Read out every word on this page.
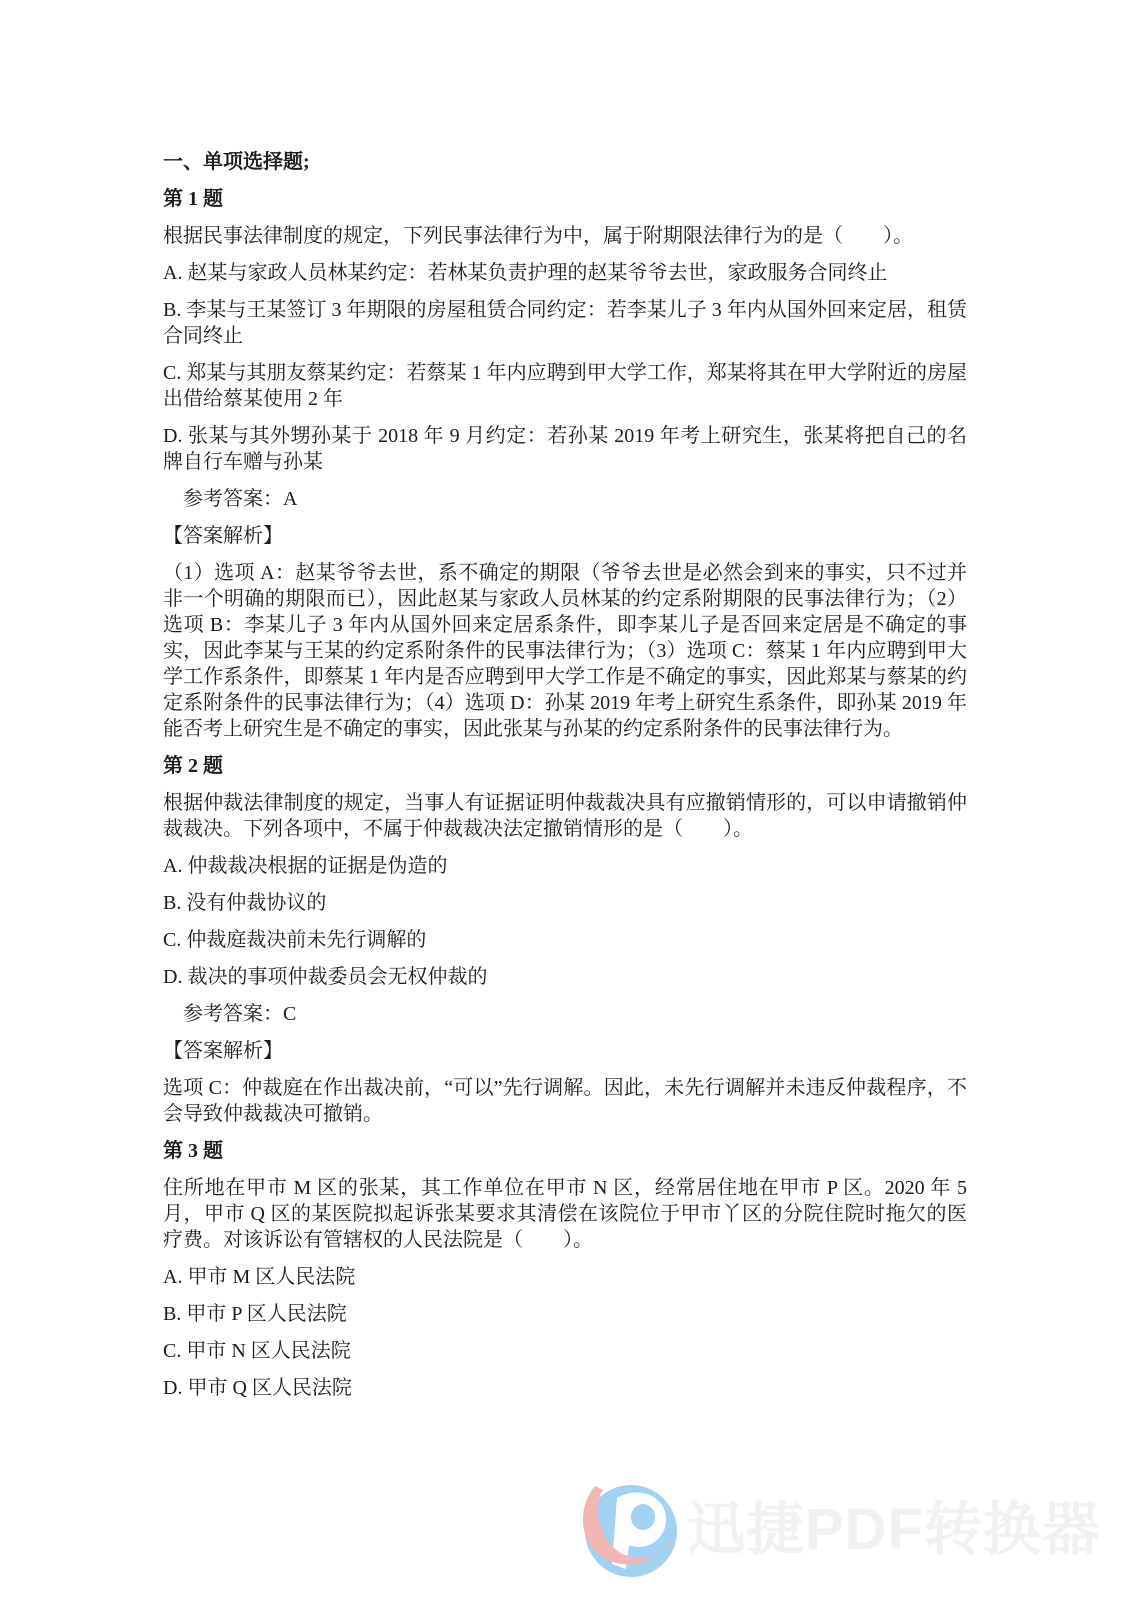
一、单项选择题;

第 1 题

根据民事法律制度的规定，下列民事法律行为中，属于附期限法律行为的是（　　）。

A. 赵某与家政人员林某约定：若林某负责护理的赵某爷爷去世，家政服务合同终止

B. 李某与王某签订 3 年期限的房屋租赁合同约定：若李某儿子 3 年内从国外回来定居，租赁合同终止

C. 郑某与其朋友蔡某约定：若蔡某 1 年内应聘到甲大学工作，郑某将其在甲大学附近的房屋出借给蔡某使用 2 年

D. 张某与其外甥孙某于 2018 年 9 月约定：若孙某 2019 年考上研究生，张某将把自己的名牌自行车赠与孙某

参考答案：A

【答案解析】

（1）选项 A：赵某爷爷去世，系不确定的期限（爷爷去世是必然会到来的事实，只不过并非一个明确的期限而已），因此赵某与家政人员林某的约定系附期限的民事法律行为；（2）选项 B：李某儿子 3 年内从国外回来定居系条件，即李某儿子是否回来定居是不确定的事实，因此李某与王某的约定系附条件的民事法律行为；（3）选项 C：蔡某 1 年内应聘到甲大学工作系条件，即蔡某 1 年内是否应聘到甲大学工作是不确定的事实，因此郑某与蔡某的约定系附条件的民事法律行为；（4）选项 D：孙某 2019 年考上研究生系条件，即孙某 2019 年能否考上研究生是不确定的事实，因此张某与孙某的约定系附条件的民事法律行为。

第 2 题

根据仲裁法律制度的规定，当事人有证据证明仲裁裁决具有应撤销情形的，可以申请撤销仲裁裁决。下列各项中，不属于仲裁裁决法定撤销情形的是（　　）。

A. 仲裁裁决根据的证据是伪造的

B. 没有仲裁协议的

C. 仲裁庭裁决前未先行调解的

D. 裁决的事项仲裁委员会无权仲裁的

参考答案：C

【答案解析】

选项 C：仲裁庭在作出裁决前，“可以”先行调解。因此，未先行调解并未违反仲裁程序，不会导致仲裁裁决可撤销。

第 3 题

住所地在甲市 M 区的张某，其工作单位在甲市 N 区，经常居住地在甲市 P 区。2020 年 5 月，甲市 Q 区的某医院拟起诉张某要求其清偿在该院位于甲市丫区的分院住院时拖欠的医疗费。对该诉讼有管辖权的人民法院是（　　）。

A. 甲市 M 区人民法院

B. 甲市 P 区人民法院

C. 甲市 N 区人民法院

D. 甲市 Q 区人民法院

迅捷PDF转换器
